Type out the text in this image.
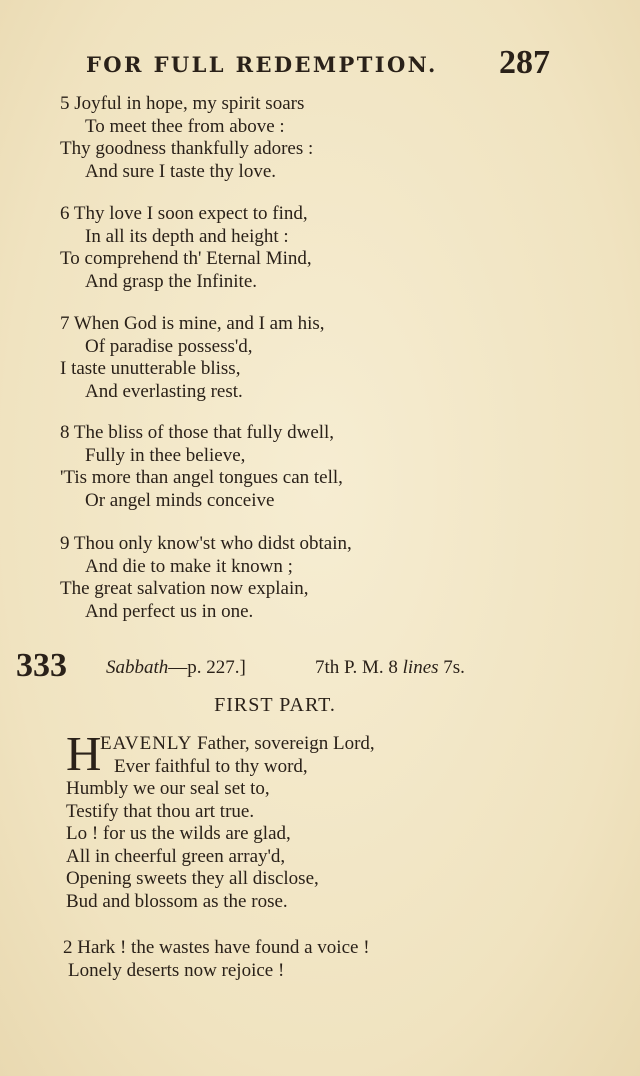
FOR FULL REDEMPTION. 287
5 Joyful in hope, my spirit soars
To meet thee from above :
Thy goodness thankfully adores :
And sure I taste thy love.
6 Thy love I soon expect to find,
In all its depth and height :
To comprehend th' Eternal Mind,
And grasp the Infinite.
7 When God is mine, and I am his,
Of paradise possess'd,
I taste unutterable bliss,
And everlasting rest.
8 The bliss of those that fully dwell,
Fully in thee believe,
'Tis more than angel tongues can tell,
Or angel minds conceive
9 Thou only know'st who didst obtain,
And die to make it known ;
The great salvation now explain,
And perfect us in one.
333 Sabbath—p. 227.]	7th P. M. 8 lines 7s.
FIRST PART.
H
EAVENLY Father, sovereign Lord,
Ever faithful to thy word,
Humbly we our seal set to,
Testify that thou art true.
Lo ! for us the wilds are glad,
All in cheerful green array'd,
Opening sweets they all disclose,
Bud and blossom as the rose.
2 Hark ! the wastes have found a voice !
Lonely deserts now rejoice !
